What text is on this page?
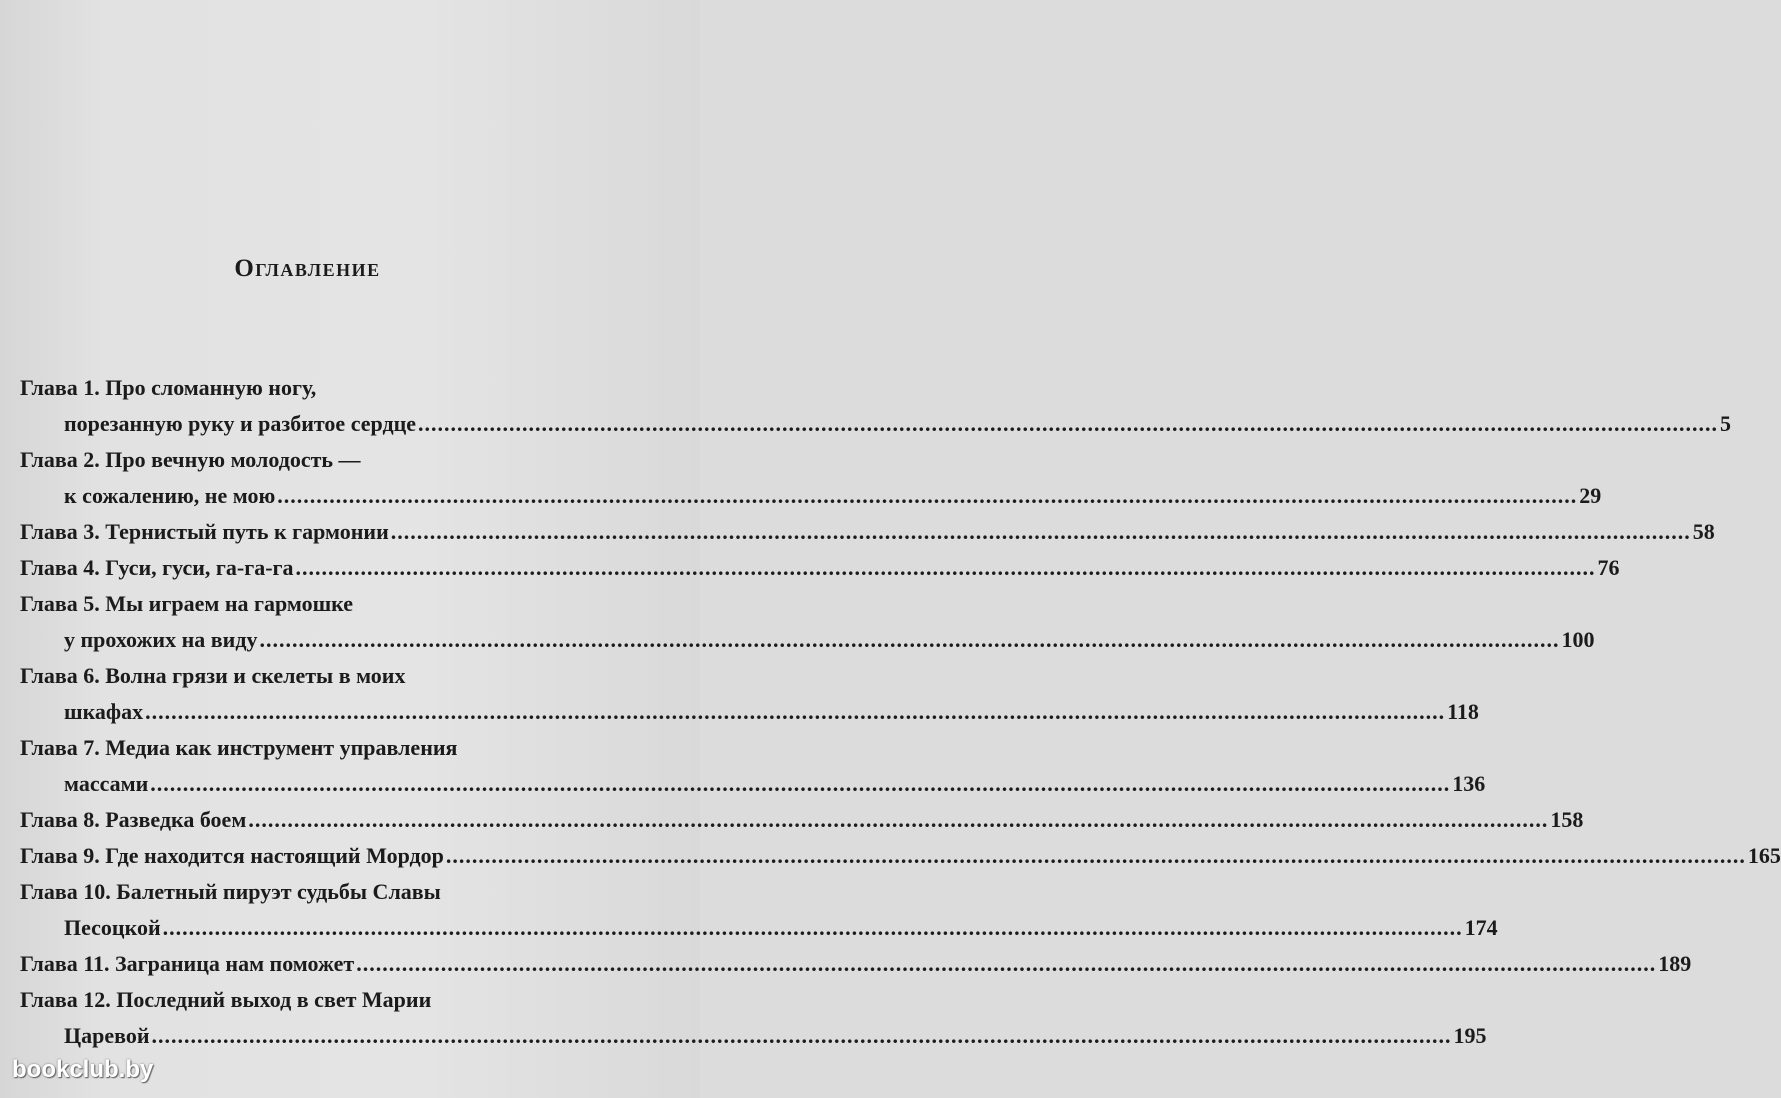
Оглавление
Глава 1. Про сломанную ногу,
порезанную руку и разбитое сердце ........................................................................................................................................................................................................ 5
Глава 2. Про вечную молодость —
к сожалению, не мою ........................................................................................................................................................................................................ 29
Глава 3. Тернистый путь к гармонии ........................................................................................................................................................................................................ 58
Глава 4. Гуси, гуси, га-га-га ........................................................................................................................................................................................................ 76
Глава 5. Мы играем на гармошке
у прохожих на виду ........................................................................................................................................................................................................ 100
Глава 6. Волна грязи и скелеты в моих
шкафах ........................................................................................................................................................................................................ 118
Глава 7. Медиа как инструмент управления
массами ........................................................................................................................................................................................................ 136
Глава 8. Разведка боем ........................................................................................................................................................................................................ 158
Глава 9. Где находится настоящий Мордор ........................................................................................................................................................................................................ 165
Глава 10. Балетный пируэт судьбы Славы
Песоцкой ........................................................................................................................................................................................................ 174
Глава 11. Заграница нам поможет ........................................................................................................................................................................................................ 189
Глава 12. Последний выход в свет Марии
Царевой ........................................................................................................................................................................................................ 195
bookclub.by
